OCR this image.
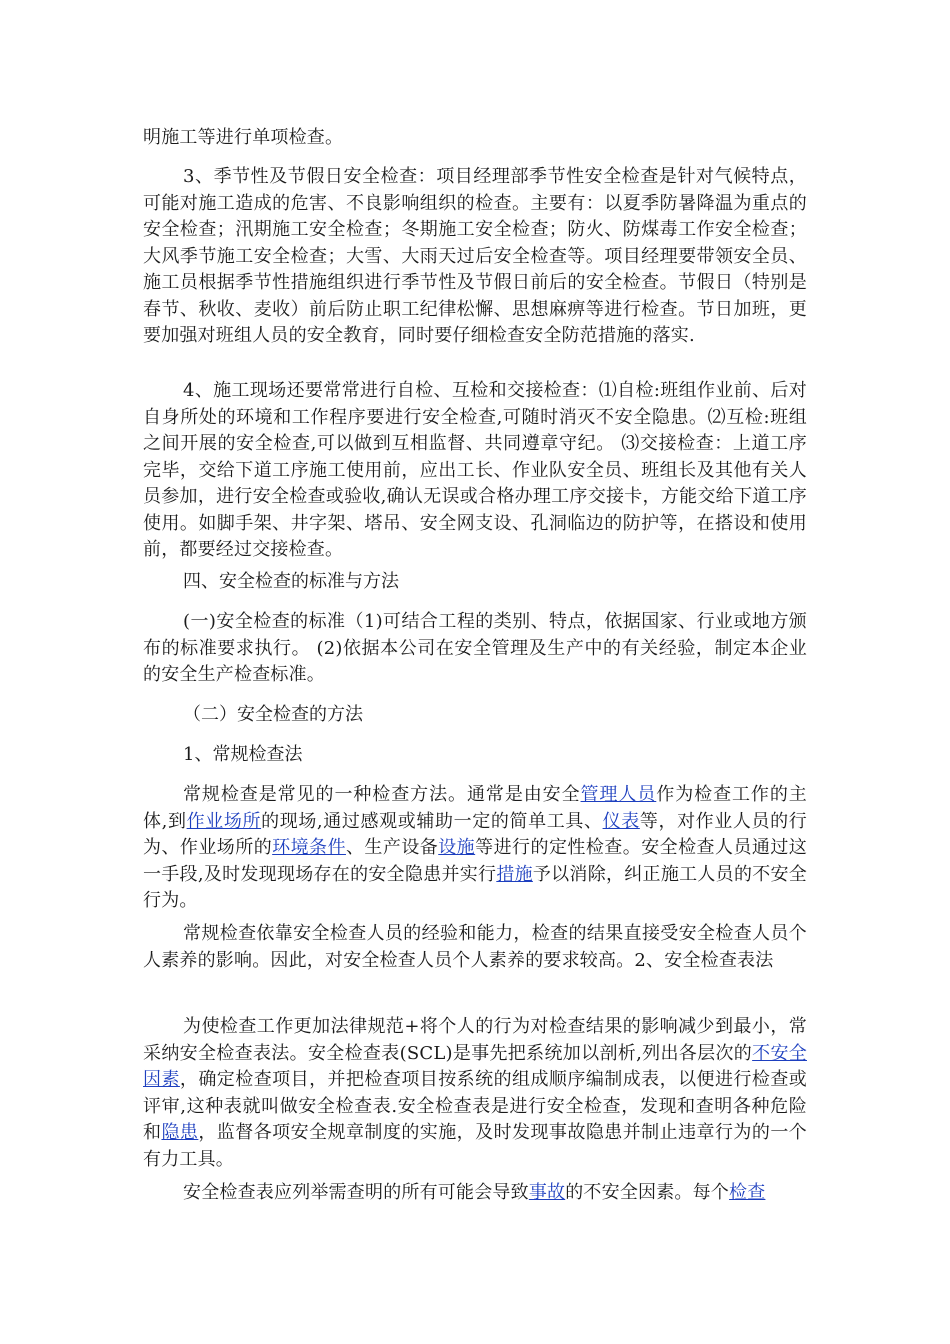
明施工等进行单项检查。

3、季节性及节假日安全检查：项目经理部季节性安全检查是针对气候特点，可能对施工造成的危害、不良影响组织的检查。主要有：以夏季防暑降温为重点的安全检查；汛期施工安全检查；冬期施工安全检查；防火、防煤毒工作安全检查；大风季节施工安全检查；大雪、大雨天过后安全检查等。项目经理要带领安全员、施工员根据季节性措施组织进行季节性及节假日前后的安全检查。节假日（特别是春节、秋收、麦收）前后防止职工纪律松懈、思想麻痹等进行检查。节日加班，更要加强对班组人员的安全教育，同时要仔细检查安全防范措施的落实.

4、施工现场还要常常进行自检、互检和交接检查：⑴自检:班组作业前、后对自身所处的环境和工作程序要进行安全检查,可随时消灭不安全隐患。⑵互检:班组之间开展的安全检查,可以做到互相监督、共同遵章守纪。 ⑶交接检查：上道工序完毕，交给下道工序施工使用前，应出工长、作业队安全员、班组长及其他有关人员参加，进行安全检查或验收,确认无误或合格办理工序交接卡，方能交给下道工序使用。如脚手架、井字架、塔吊、安全网支设、孔洞临边的防护等，在搭设和使用前，都要经过交接检查。

四、安全检查的标准与方法

(一)安全检查的标准（1)可结合工程的类别、特点，依据国家、行业或地方颁布的标准要求执行。 (2)依据本公司在安全管理及生产中的有关经验，制定本企业的安全生产检查标准。

（二）安全检查的方法

1、常规检查法

常规检查是常见的一种检查方法。通常是由安全管理人员作为检查工作的主体,到作业场所的现场,通过感观或辅助一定的简单工具、仪表等，对作业人员的行为、作业场所的环境条件、生产设备设施等进行的定性检查。安全检查人员通过这一手段,及时发现现场存在的安全隐患并实行措施予以消除，纠正施工人员的不安全行为。

常规检查依靠安全检查人员的经验和能力，检查的结果直接受安全检查人员个人素养的影响。因此，对安全检查人员个人素养的要求较高。2、安全检查表法

为使检查工作更加法律规范+将个人的行为对检查结果的影响减少到最小，常采纳安全检查表法。安全检查表(SCL)是事先把系统加以剖析,列出各层次的不安全因素，确定检查项目，并把检查项目按系统的组成顺序编制成表，以便进行检查或评审,这种表就叫做安全检查表.安全检查表是进行安全检查，发现和查明各种危险和隐患，监督各项安全规章制度的实施，及时发现事故隐患并制止违章行为的一个有力工具。

安全检查表应列举需查明的所有可能会导致事故的不安全因素。每个检查
